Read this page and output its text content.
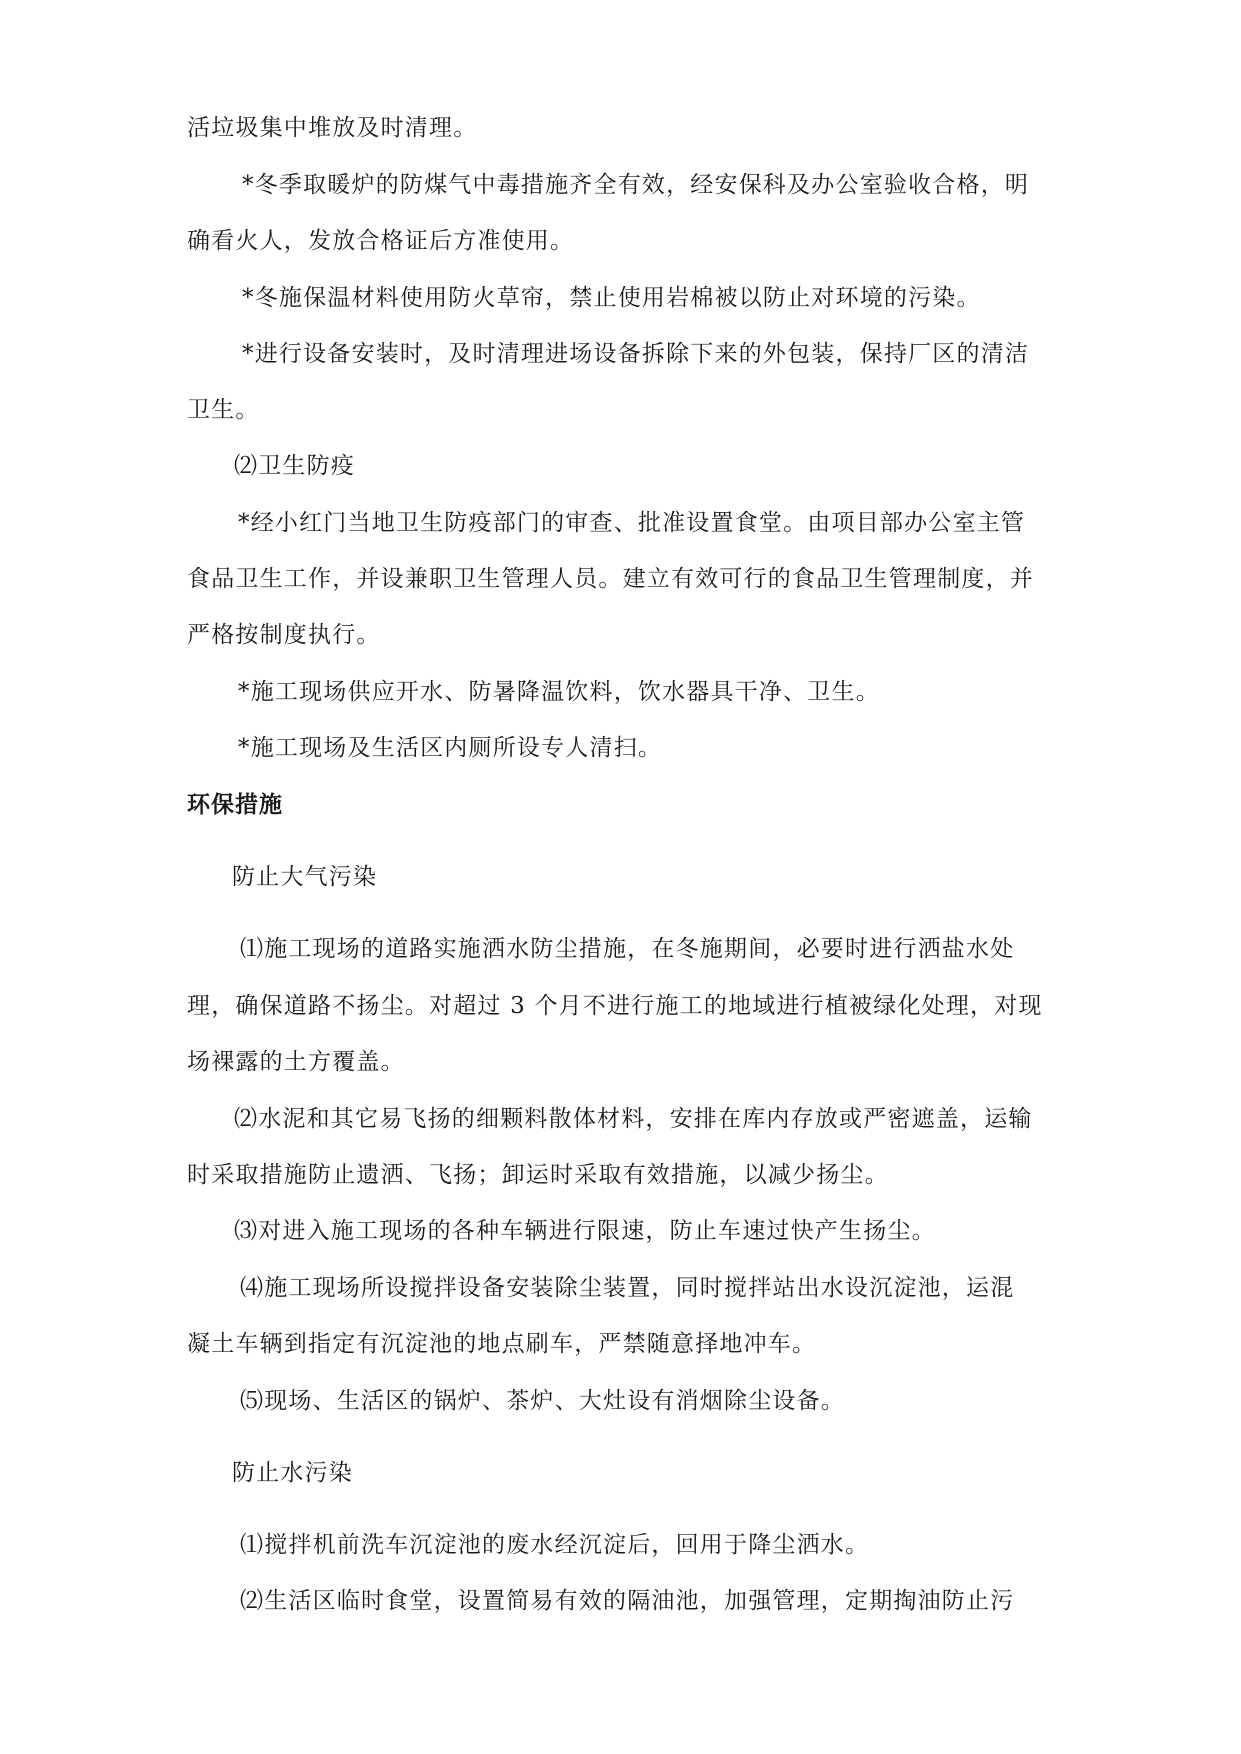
活垃圾集中堆放及时清理。
*冬季取暖炉的防煤气中毒措施齐全有效，经安保科及办公室验收合格，明
确看火人，发放合格证后方准使用。
*冬施保温材料使用防火草帘，禁止使用岩棉被以防止对环境的污染。
*进行设备安装时，及时清理进场设备拆除下来的外包装，保持厂区的清洁
卫生。
⑵卫生防疫
*经小红门当地卫生防疫部门的审查、批准设置食堂。由项目部办公室主管
食品卫生工作，并设兼职卫生管理人员。建立有效可行的食品卫生管理制度，并
严格按制度执行。
*施工现场供应开水、防暑降温饮料，饮水器具干净、卫生。
*施工现场及生活区内厕所设专人清扫。
环保措施
防止大气污染
⑴施工现场的道路实施洒水防尘措施，在冬施期间，必要时进行洒盐水处
理，确保道路不扬尘。对超过 3 个月不进行施工的地域进行植被绿化处理，对现
场裸露的土方覆盖。
⑵水泥和其它易飞扬的细颗料散体材料，安排在库内存放或严密遮盖，运输
时采取措施防止遗洒、飞扬；卸运时采取有效措施，以减少扬尘。
⑶对进入施工现场的各种车辆进行限速，防止车速过快产生扬尘。
⑷施工现场所设搅拌设备安装除尘装置，同时搅拌站出水设沉淀池，运混
凝土车辆到指定有沉淀池的地点刷车，严禁随意择地冲车。
⑸现场、生活区的锅炉、茶炉、大灶设有消烟除尘设备。
防止水污染
⑴搅拌机前洗车沉淀池的废水经沉淀后，回用于降尘洒水。
⑵生活区临时食堂，设置简易有效的隔油池，加强管理，定期掏油防止污
